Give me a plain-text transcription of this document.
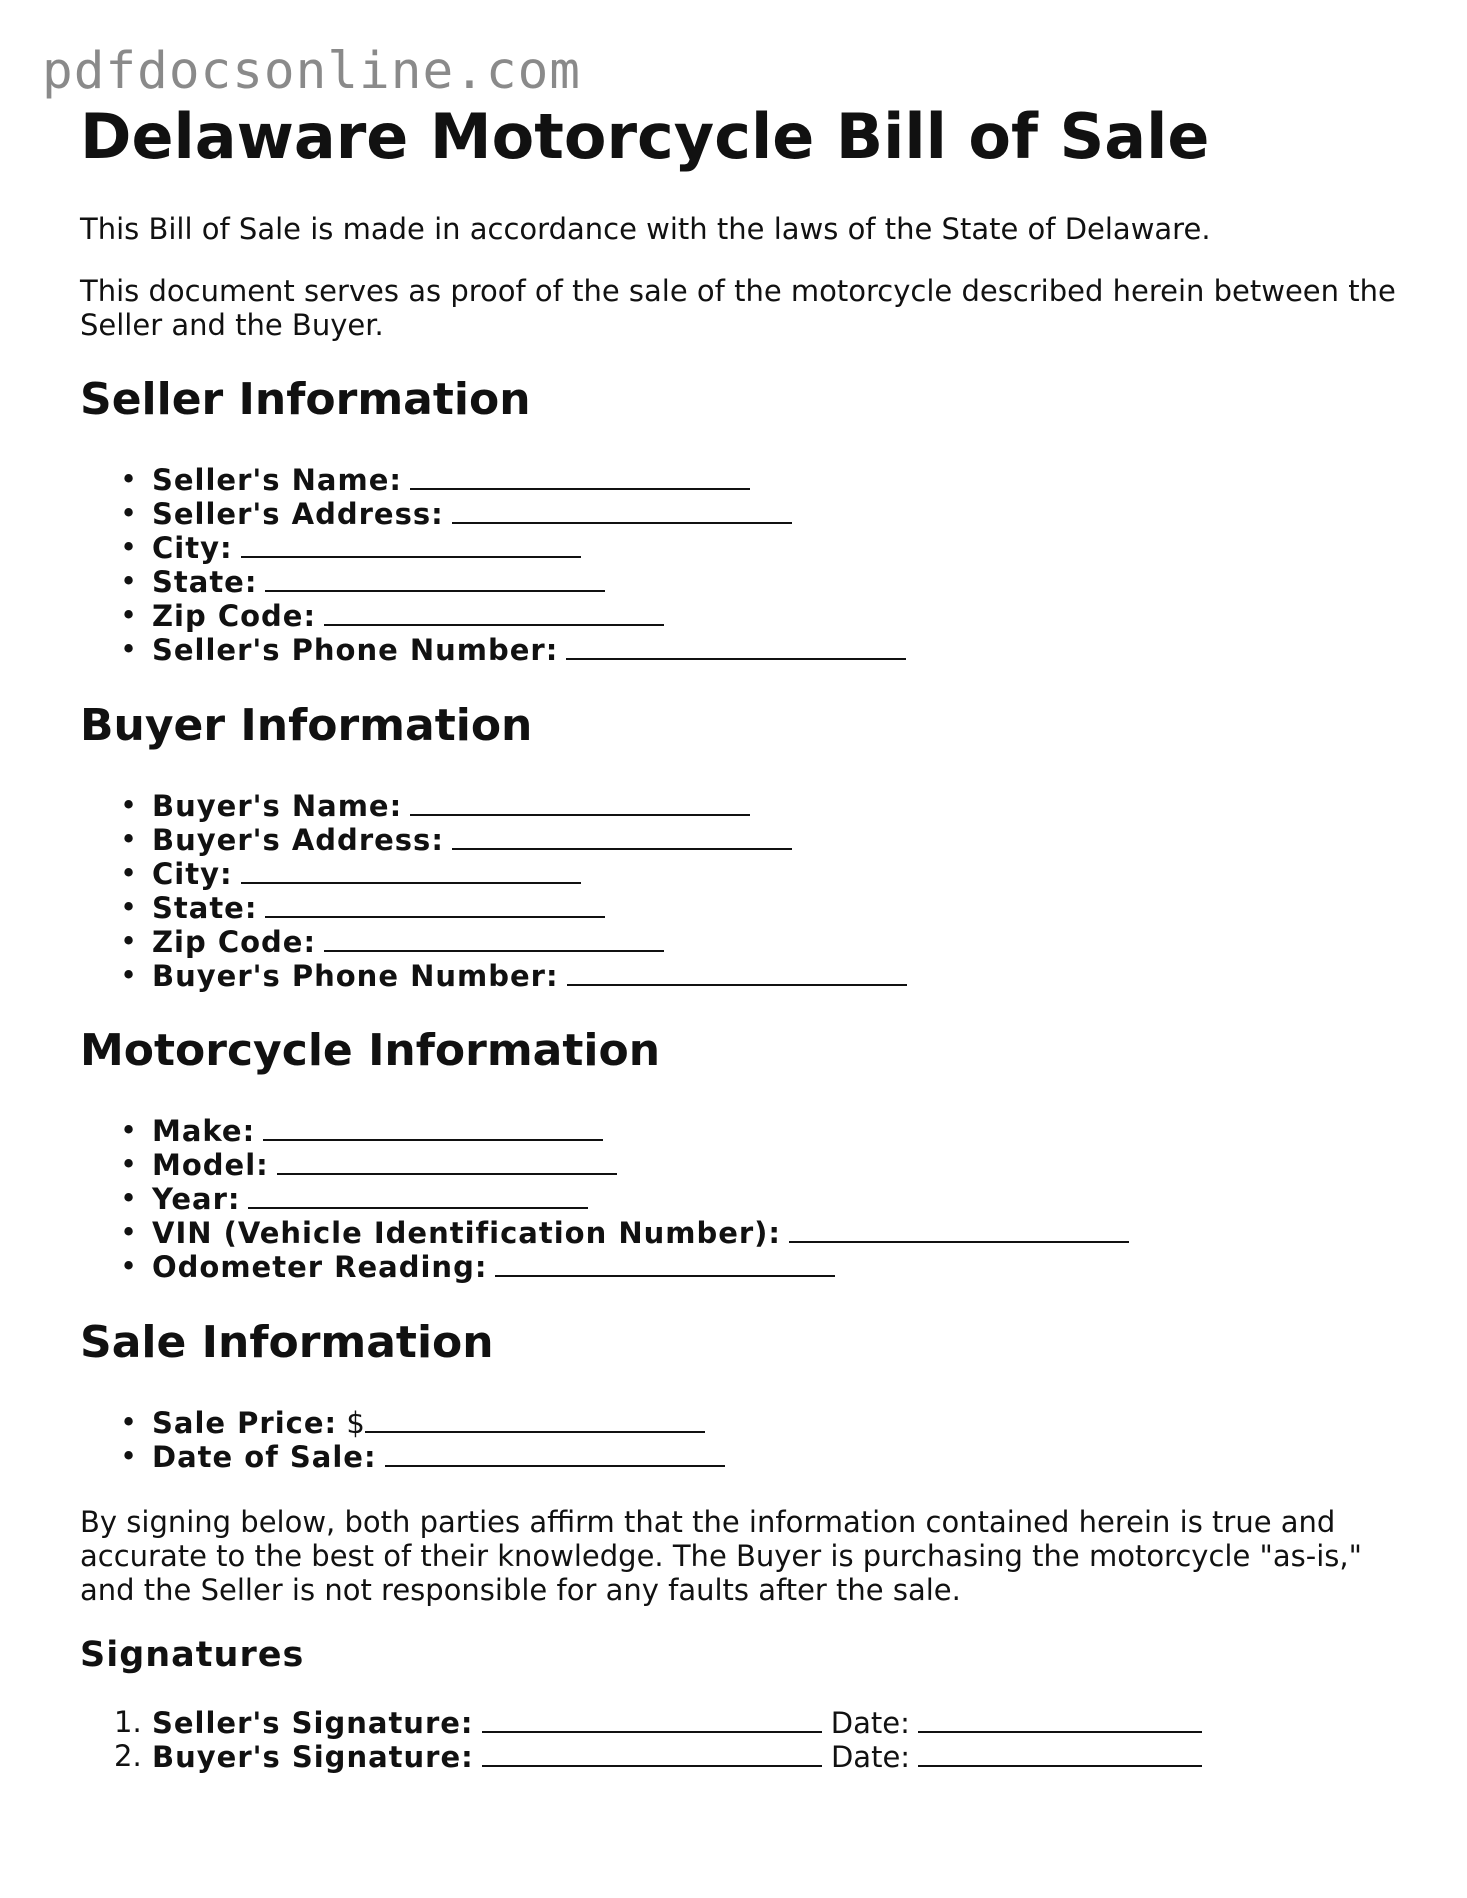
pdfdocsonline.com
Delaware Motorcycle Bill of Sale

This Bill of Sale is made in accordance with the laws of the State of Delaware.

This document serves as proof of the sale of the motorcycle described herein between the Seller and the Buyer.

Seller Information
• Seller's Name:
• Seller's Address:
• City:
• State:
• Zip Code:
• Seller's Phone Number:
Buyer Information
• Buyer's Name:
• Buyer's Address:
• City:
• State:
• Zip Code:
• Buyer's Phone Number:
Motorcycle Information
• Make:
• Model:
• Year:
• VIN (Vehicle Identification Number):
• Odometer Reading:
Sale Information
• Sale Price: $
• Date of Sale:

By signing below, both parties affirm that the information contained herein is true and accurate to the best of their knowledge. The Buyer is purchasing the motorcycle "as-is," and the Seller is not responsible for any faults after the sale.

Signatures
1. Seller's Signature:	Date:
2. Buyer's Signature:	Date:
